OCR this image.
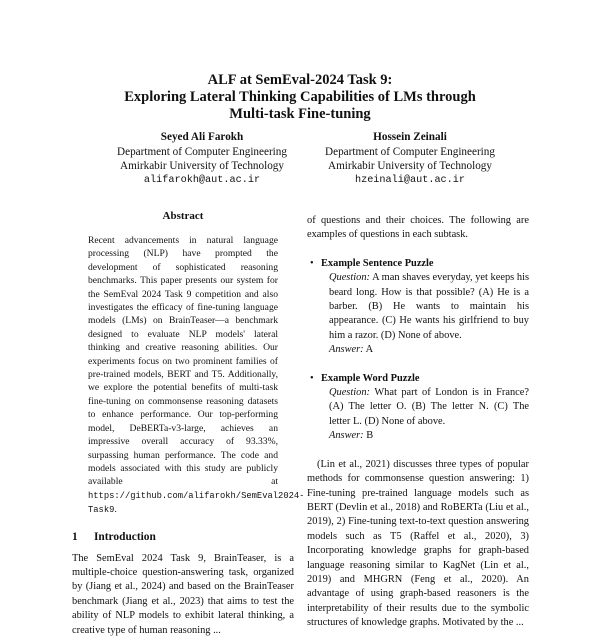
ALF at SemEval-2024 Task 9:
Exploring Lateral Thinking Capabilities of LMs through
Multi-task Fine-tuning
Seyed Ali Farokh
Department of Computer Engineering
Amirkabir University of Technology
alifarokh@aut.ac.ir
Hossein Zeinali
Department of Computer Engineering
Amirkabir University of Technology
hzeinali@aut.ac.ir
Abstract

Recent advancements in natural language processing (NLP) have prompted the development of sophisticated reasoning benchmarks. This paper presents our system for the SemEval 2024 Task 9 competition and also investigates the efficacy of fine-tuning language models (LMs) on BrainTeaser—a benchmark designed to evaluate NLP models' lateral thinking and creative reasoning abilities. Our experiments focus on two prominent families of pre-trained models, BERT and T5. Additionally, we explore the potential benefits of multi-task fine-tuning on commonsense reasoning datasets to enhance performance. Our top-performing model, DeBERTa-v3-large, achieves an impressive overall accuracy of 93.33%, surpassing human performance. The code and models associated with this study are publicly available at https://github.com/alifarokh/SemEval2024-Task9.

1 Introduction

The SemEval 2024 Task 9, BrainTeaser, is a multiple-choice question-answering task, organized by (Jiang et al., 2024) and based on the BrainTeaser benchmark (Jiang et al., 2023) that aims to test the ability of NLP models to exhibit lateral thinking, a creative type of human reasoning ...

of questions and their choices. The following are examples of questions in each subtask.

• Example Sentence Puzzle
Question: A man shaves everyday, yet keeps his beard long. How is that possible? (A) He is a barber. (B) He wants to maintain his appearance. (C) He wants his girlfriend to buy him a razor. (D) None of above.
Answer: A
• Example Word Puzzle
Question: What part of London is in France? (A) The letter O. (B) The letter N. (C) The letter L. (D) None of above.
Answer: B

(Lin et al., 2021) discusses three types of popular methods for commonsense question answering: 1) Fine-tuning pre-trained language models such as BERT (Devlin et al., 2018) and RoBERTa (Liu et al., 2019), 2) Fine-tuning text-to-text question answering models such as T5 (Raffel et al., 2020), 3) Incorporating knowledge graphs for graph-based language reasoning similar to KagNet (Lin et al., 2019) and MHGRN (Feng et al., 2020). An advantage of using graph-based reasoners is the interpretability of their results due to the symbolic structures of knowledge graphs. Motivated by the ...
